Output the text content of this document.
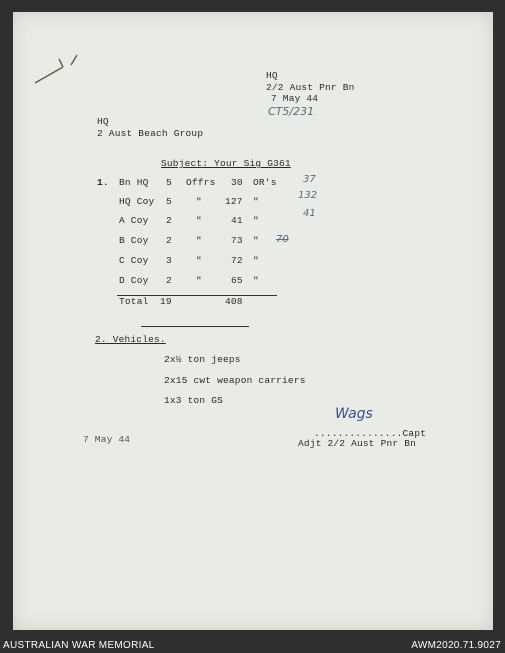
HQ
2/2 Aust Pnr Bn
7 May 44
CT5/231
HQ
2 Aust Beach Group
Subject: Your Sig G361
1. Bn HQ 5 Offrs 30 OR's
HQ Coy 5	" 127 "
A Coy 2	"	41 "
B Coy 2	"	73 "
C Coy 3	"	72 "
D Coy 2	"	65 "
Total 19	408
37
132
41
70
2. Vehicles.
2x½ ton jeeps
2x15 cwt weapon carriers
1x3 ton GS
Wags
...............Capt
Adjt 2/2 Aust Pnr Bn
7 May 44
AUSTRALIAN WAR MEMORIAL	AWM2020.71.9027
